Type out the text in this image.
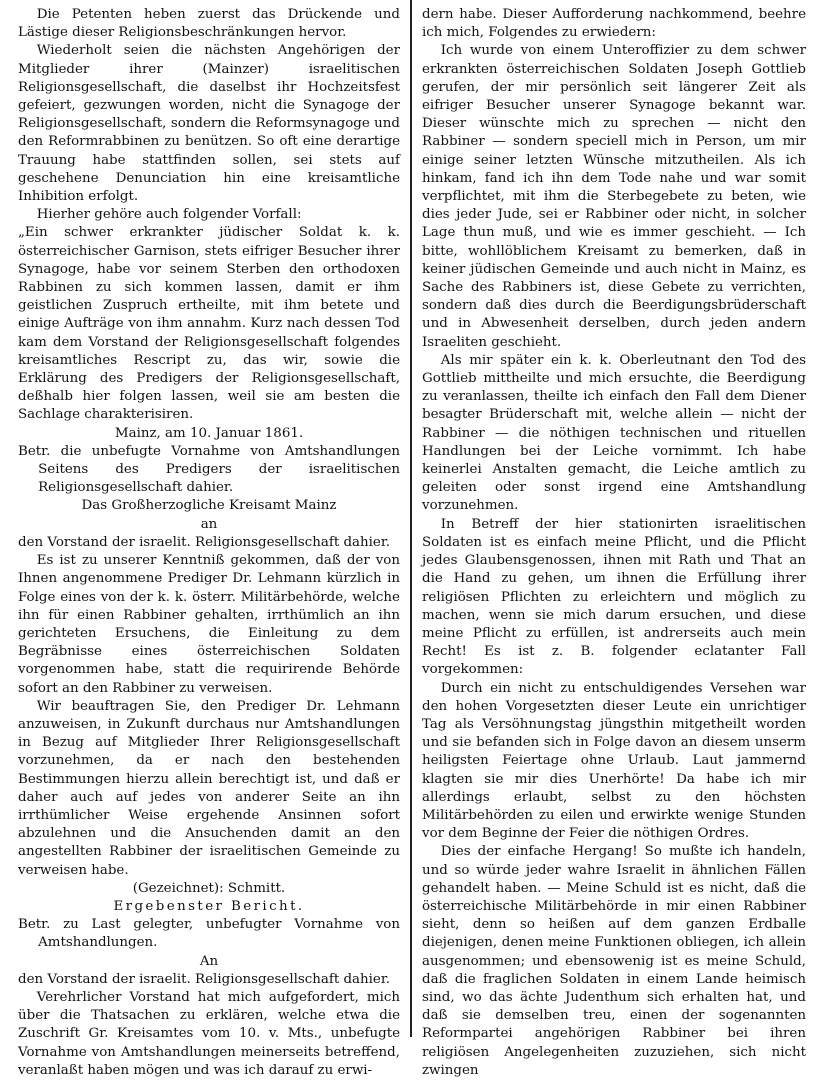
Die Petenten heben zuerst das Drückende und Lästige dieser Religionsbeschränkungen hervor.

Wiederholt seien die nächsten Angehörigen der Mitglieder ihrer (Mainzer) israelitischen Religionsgesellschaft, die daselbst ihr Hochzeitsfest gefeiert, gezwungen worden, nicht die Synagoge der Religionsgesellschaft, sondern die Reformsynagoge und den Reformrabbinen zu benützen. So oft eine derartige Trauung habe stattfinden sollen, sei stets auf geschehene Denunciation hin eine kreisamtliche Inhibition erfolgt.

Hierher gehöre auch folgender Vorfall:

„Ein schwer erkrankter jüdischer Soldat k. k. österreichischer Garnison, stets eifriger Besucher ihrer Synagoge, habe vor seinem Sterben den orthodoxen Rabbinen zu sich kommen lassen, damit er ihm geistlichen Zuspruch ertheilte, mit ihm betete und einige Aufträge von ihm annahm. Kurz nach dessen Tod kam dem Vorstand der Religionsgesellschaft folgendes kreisamtliches Rescript zu, das wir, sowie die Erklärung des Predigers der Religionsgesellschaft, deßhalb hier folgen lassen, weil sie am besten die Sachlage charakterisiren.

Mainz, am 10. Januar 1861.

Betr. die unbefugte Vornahme von Amtshandlungen Seitens des Predigers der israelitischen Religionsgesellschaft dahier.

Das Großherzogliche Kreisamt Mainz

an

den Vorstand der israelit. Religionsgesellschaft dahier.

Es ist zu unserer Kenntniß gekommen, daß der von Ihnen angenommene Prediger Dr. Lehmann kürzlich in Folge eines von der k. k. österr. Militärbehörde, welche ihn für einen Rabbiner gehalten, irrthümlich an ihn gerichteten Ersuchens, die Einleitung zu dem Begräbnisse eines österreichischen Soldaten vorgenommen habe, statt die requirirende Behörde sofort an den Rabbiner zu verweisen.

Wir beauftragen Sie, den Prediger Dr. Lehmann anzuweisen, in Zukunft durchaus nur Amtshandlungen in Bezug auf Mitglieder Ihrer Religionsgesellschaft vorzunehmen, da er nach den bestehenden Bestimmungen hierzu allein berechtigt ist, und daß er daher auch auf jedes von anderer Seite an ihn irrthümlicher Weise ergehende Ansinnen sofort abzulehnen und die Ansuchenden damit an den angestellten Rabbiner der israelitischen Gemeinde zu verweisen habe.

(Gezeichnet): Schmitt.

Ergebenster Bericht.

Betr. zu Last gelegter, unbefugter Vornahme von Amtshandlungen.

An

den Vorstand der israelit. Religionsgesellschaft dahier.

Verehrlicher Vorstand hat mich aufgefordert, mich über die Thatsachen zu erklären, welche etwa die Zuschrift Gr. Kreisamtes vom 10. v. Mts., unbefugte Vornahme von Amtshandlungen meinerseits betreffend, veranlaßt haben mögen und was ich darauf zu erwi-

dern habe. Dieser Aufforderung nachkommend, beehre ich mich, Folgendes zu erwiedern:

Ich wurde von einem Unteroffizier zu dem schwer erkrankten österreichischen Soldaten Joseph Gottlieb gerufen, der mir persönlich seit längerer Zeit als eifriger Besucher unserer Synagoge bekannt war. Dieser wünschte mich zu sprechen — nicht den Rabbiner — sondern speciell mich in Person, um mir einige seiner letzten Wünsche mitzutheilen. Als ich hinkam, fand ich ihn dem Tode nahe und war somit verpflichtet, mit ihm die Sterbegebete zu beten, wie dies jeder Jude, sei er Rabbiner oder nicht, in solcher Lage thun muß, und wie es immer geschieht. — Ich bitte, wohllöblichem Kreisamt zu bemerken, daß in keiner jüdischen Gemeinde und auch nicht in Mainz, es Sache des Rabbiners ist, diese Gebete zu verrichten, sondern daß dies durch die Beerdigungsbrüderschaft und in Abwesenheit derselben, durch jeden andern Israeliten geschieht.

Als mir später ein k. k. Oberleutnant den Tod des Gottlieb mittheilte und mich ersuchte, die Beerdigung zu veranlassen, theilte ich einfach den Fall dem Diener besagter Brüderschaft mit, welche allein — nicht der Rabbiner — die nöthigen technischen und rituellen Handlungen bei der Leiche vornimmt. Ich habe keinerlei Anstalten gemacht, die Leiche amtlich zu geleiten oder sonst irgend eine Amtshandlung vorzunehmen.

In Betreff der hier stationirten israelitischen Soldaten ist es einfach meine Pflicht, und die Pflicht jedes Glaubensgenossen, ihnen mit Rath und That an die Hand zu gehen, um ihnen die Erfüllung ihrer religiösen Pflichten zu erleichtern und möglich zu machen, wenn sie mich darum ersuchen, und diese meine Pflicht zu erfüllen, ist andrerseits auch mein Recht! Es ist z. B. folgender eclatanter Fall vorgekommen:

Durch ein nicht zu entschuldigendes Versehen war den hohen Vorgesetzten dieser Leute ein unrichtiger Tag als Versöhnungstag jüngsthin mitgetheilt worden und sie befanden sich in Folge davon an diesem unserm heiligsten Feiertage ohne Urlaub. Laut jammernd klagten sie mir dies Unerhörte! Da habe ich mir allerdings erlaubt, selbst zu den höchsten Militärbehörden zu eilen und erwirkte wenige Stunden vor dem Beginne der Feier die nöthigen Ordres.

Dies der einfache Hergang! So mußte ich handeln, und so würde jeder wahre Israelit in ähnlichen Fällen gehandelt haben. — Meine Schuld ist es nicht, daß die österreichische Militärbehörde in mir einen Rabbiner sieht, denn so heißen auf dem ganzen Erdballe diejenigen, denen meine Funktionen obliegen, ich allein ausgenommen; und ebensowenig ist es meine Schuld, daß die fraglichen Soldaten in einem Lande heimisch sind, wo das ächte Judenthum sich erhalten hat, und daß sie demselben treu, einen der sogenannten Reformpartei angehörigen Rabbiner bei ihren religiösen Angelegenheiten zuzuziehen, sich nicht zwingen
